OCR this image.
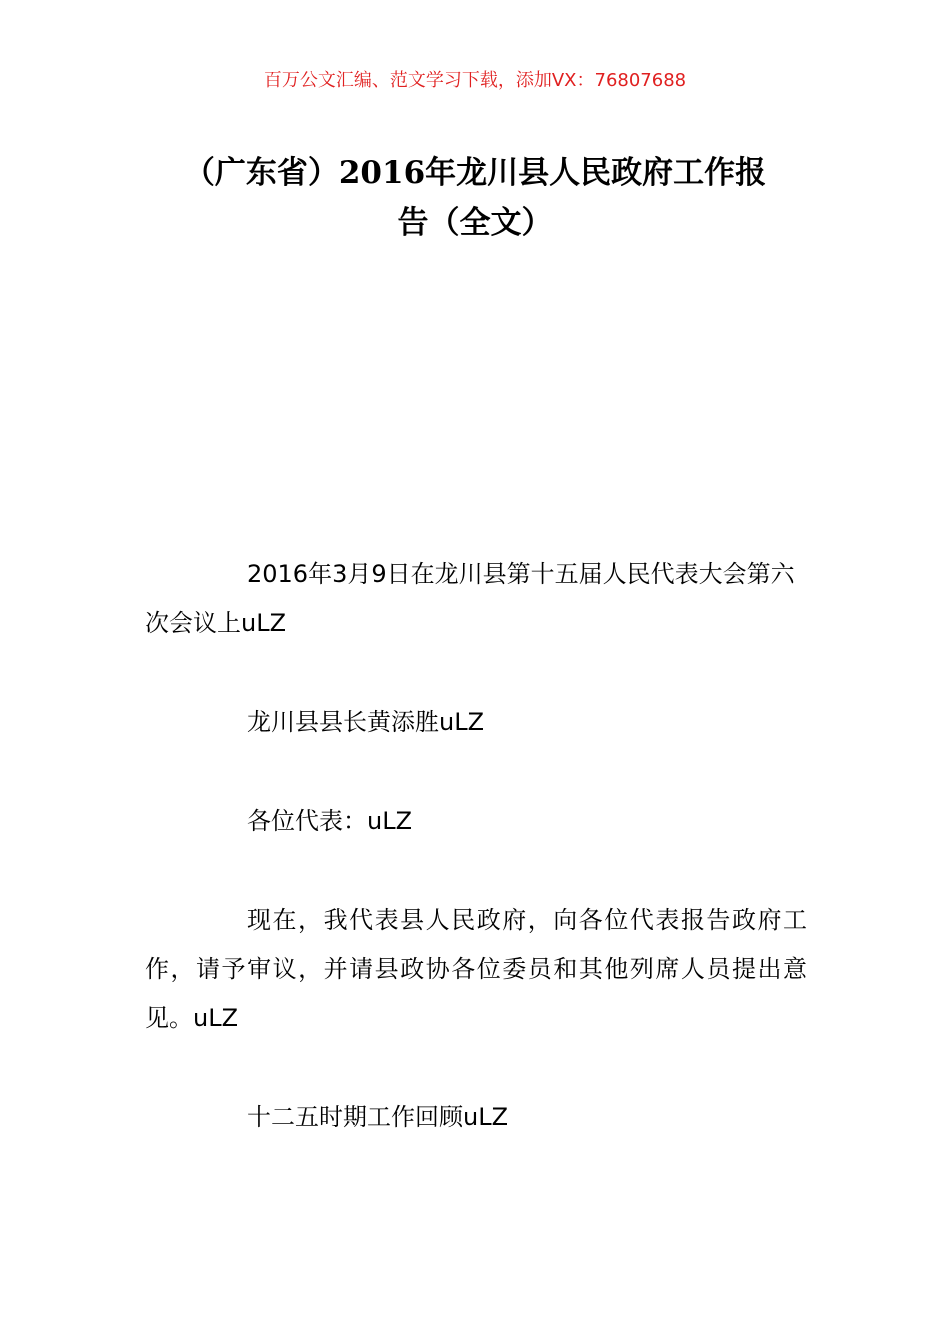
百万公文汇编、范文学习下载，添加VX：76807688
（广东省）2016年龙川县人民政府工作报
告（全文）

2016年3月9日在龙川县第十五届人民代表大会第六次会议上uLZ

龙川县县长黄添胜uLZ

各位代表：uLZ

现在，我代表县人民政府，向各位代表报告政府工作，请予审议，并请县政协各位委员和其他列席人员提出意见。uLZ

十二五时期工作回顾uLZ
